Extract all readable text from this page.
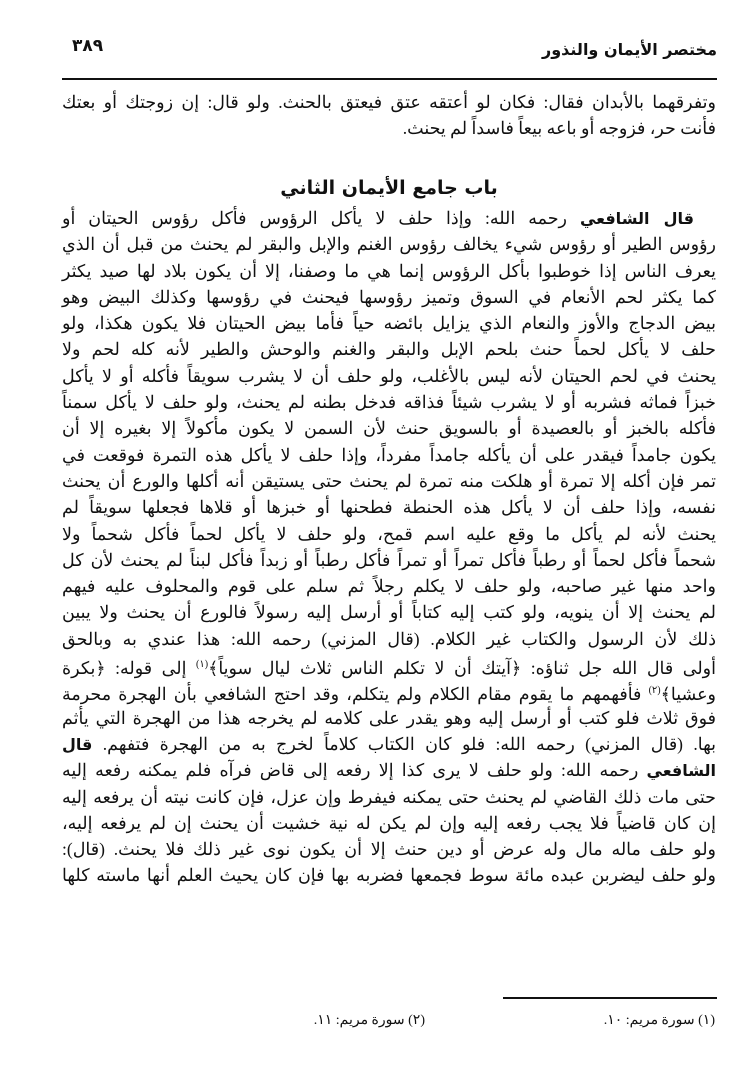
مختصر الأيمان والنذور
٣٨٩
وتفرقهما بالأبدان فقال: فكان لو أعتقه عتق فيعتق بالحنث. ولو قال: إن زوجتك أو بعتك
فأنت حر، فزوجه أو باعه بيعاً فاسداً لم يحنث.
باب جامع الأيمان الثاني
قال الشافعي رحمه الله: وإذا حلف لا يأكل الرؤوس فأكل رؤوس الحيتان أو
رؤوس الطير أو رؤوس شيء يخالف رؤوس الغنم والإبل والبقر لم يحنث من قبل أن الذي
يعرف الناس إذا خوطبوا بأكل الرؤوس إنما هي ما وصفنا، إلا أن يكون بلاد لها صيد يكثر
كما يكثر لحم الأنعام في السوق وتميز رؤوسها فيحنث في رؤوسها وكذلك البيض وهو
بيض الدجاج والأوز والنعام الذي يزايل بائضه حياً فأما بيض الحيتان فلا يكون هكذا، ولو
حلف لا يأكل لحماً حنث بلحم الإبل والبقر والغنم والوحش والطير لأنه كله لحم ولا
يحنث في لحم الحيتان لأنه ليس بالأغلب، ولو حلف أن لا يشرب سويقاً فأكله أو لا يأكل
خبزاً فماثه فشربه أو لا يشرب شيئاً فذاقه فدخل بطنه لم يحنث، ولو حلف لا يأكل سمناً
فأكله بالخبز أو بالعصيدة أو بالسويق حنث لأن السمن لا يكون مأكولاً إلا بغيره إلا أن
يكون جامداً فيقدر على أن يأكله جامداً مفرداً، وإذا حلف لا يأكل هذه التمرة فوقعت في
تمر فإن أكله إلا تمرة أو هلكت منه تمرة لم يحنث حتى يستيقن أنه أكلها والورع أن يحنث
نفسه، وإذا حلف أن لا يأكل هذه الحنطة فطحنها أو خبزها أو قلاها فجعلها سويقاً لم
يحنث لأنه لم يأكل ما وقع عليه اسم قمح، ولو حلف لا يأكل لحماً فأكل شحماً ولا
شحماً فأكل لحماً أو رطباً فأكل تمراً أو تمراً فأكل رطباً أو زبداً فأكل لبناً لم يحنث لأن كل
واحد منها غير صاحبه، ولو حلف لا يكلم رجلاً ثم سلم على قوم والمحلوف عليه فيهم
لم يحنث إلا أن ينويه، ولو كتب إليه كتاباً أو أرسل إليه رسولاً فالورع أن يحنث ولا يبين
ذلك لأن الرسول والكتاب غير الكلام. (قال المزني) رحمه الله: هذا عندي به وبالحق
أولى قال الله جل ثناؤه: ﴿آيتك أن لا تكلم الناس ثلاث ليال سوياً﴾$^{(١)}$ إلى قوله: ﴿بكرة
وعشيا﴾$^{(٢)}$ فأفهمهم ما يقوم مقام الكلام ولم يتكلم، وقد احتج الشافعي بأن الهجرة محرمة
فوق ثلاث فلو كتب أو أرسل إليه وهو يقدر على كلامه لم يخرجه هذا من الهجرة التي يأثم
بها. (قال المزني) رحمه الله: فلو كان الكتاب كلاماً لخرج به من الهجرة فتفهم. قال
الشافعي رحمه الله: ولو حلف لا يرى كذا إلا رفعه إلى قاض فرآه فلم يمكنه رفعه إليه
حتى مات ذلك القاضي لم يحنث حتى يمكنه فيفرط وإن عزل، فإن كانت نيته أن يرفعه إليه
إن كان قاضياً فلا يجب رفعه إليه وإن لم يكن له نية خشيت أن يحنث إن لم يرفعه إليه،
ولو حلف ماله مال وله عرض أو دين حنث إلا أن يكون نوى غير ذلك فلا يحنث. (قال):
ولو حلف ليضربن عبده مائة سوط فجمعها فضربه بها فإن كان يحيث العلم أنها ماسته كلها
(١) سورة مريم: ١٠.
(٢) سورة مريم: ١١.
